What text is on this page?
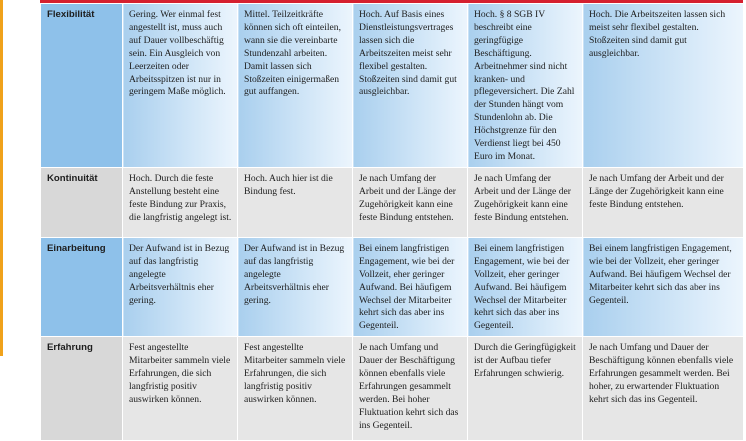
Flexibilität	Gering. Wer einmal fest angestellt ist, muss auch auf Dauer vollbeschäftig sein. Ein Ausgleich von Leerzeiten oder Arbeitsspitzen ist nur in geringem Maße möglich.	Mittel. Teilzeitkräfte können sich oft einteilen, wann sie die vereinbarte Stundenzahl arbeiten. Damit lassen sich Stoßzeiten einigermaßen gut auffangen.	Hoch. Auf Basis eines Dienstleistungsvertrages lassen sich die Arbeitszeiten meist sehr flexibel gestalten. Stoßzeiten sind damit gut ausgleichbar.	Hoch. § 8 SGB IV beschreibt eine geringfügige Beschäftigung. Arbeitnehmer sind nicht kranken- und pflegeversichert. Die Zahl der Stunden hängt vom Stundenlohn ab. Die Höchstgrenze für den Verdienst liegt bei 450 Euro im Monat.	Hoch. Die Arbeitszeiten lassen sich meist sehr flexibel gestalten. Stoßzeiten sind damit gut ausgleichbar.
Kontinuität	Hoch. Durch die feste Anstellung besteht eine feste Bindung zur Praxis, die langfristig angelegt ist.	Hoch. Auch hier ist die Bindung fest.	Je nach Umfang der Arbeit und der Länge der Zugehörigkeit kann eine feste Bindung entstehen.	Je nach Umfang der Arbeit und der Länge der Zugehörigkeit kann eine feste Bindung entstehen.	Je nach Umfang der Arbeit und der Länge der Zugehörigkeit kann eine feste Bindung entstehen.
Einarbeitung	Der Aufwand ist in Bezug auf das langfristig angelegte Arbeitsverhältnis eher gering.	Der Aufwand ist in Bezug auf das langfristig angelegte Arbeitsverhältnis eher gering.	Bei einem langfristigen Engagement, wie bei der Vollzeit, eher geringer Aufwand. Bei häufigem Wechsel der Mitarbeiter kehrt sich das aber ins Gegenteil.	Bei einem langfristigen Engagement, wie bei der Vollzeit, eher geringer Aufwand. Bei häufigem Wechsel der Mitarbeiter kehrt sich das aber ins Gegenteil.	Bei einem langfristigen Engagement, wie bei der Vollzeit, eher geringer Aufwand. Bei häufigem Wechsel der Mitarbeiter kehrt sich das aber ins Gegenteil.
Erfahrung	Fest angestellte Mitarbeiter sammeln viele Erfahrungen, die sich langfristig positiv auswirken können.	Fest angestellte Mitarbeiter sammeln viele Erfahrungen, die sich langfristig positiv auswirken können.	Je nach Umfang und Dauer der Beschäftigung können ebenfalls viele Erfahrungen gesammelt werden. Bei hoher Fluktuation kehrt sich das ins Gegenteil.	Durch die Geringfügigkeit ist der Aufbau tiefer Erfahrungen schwierig.	Je nach Umfang und Dauer der Beschäftigung können ebenfalls viele Erfahrungen gesammelt werden. Bei hoher, zu erwartender Fluktuation kehrt sich das ins Gegenteil.
